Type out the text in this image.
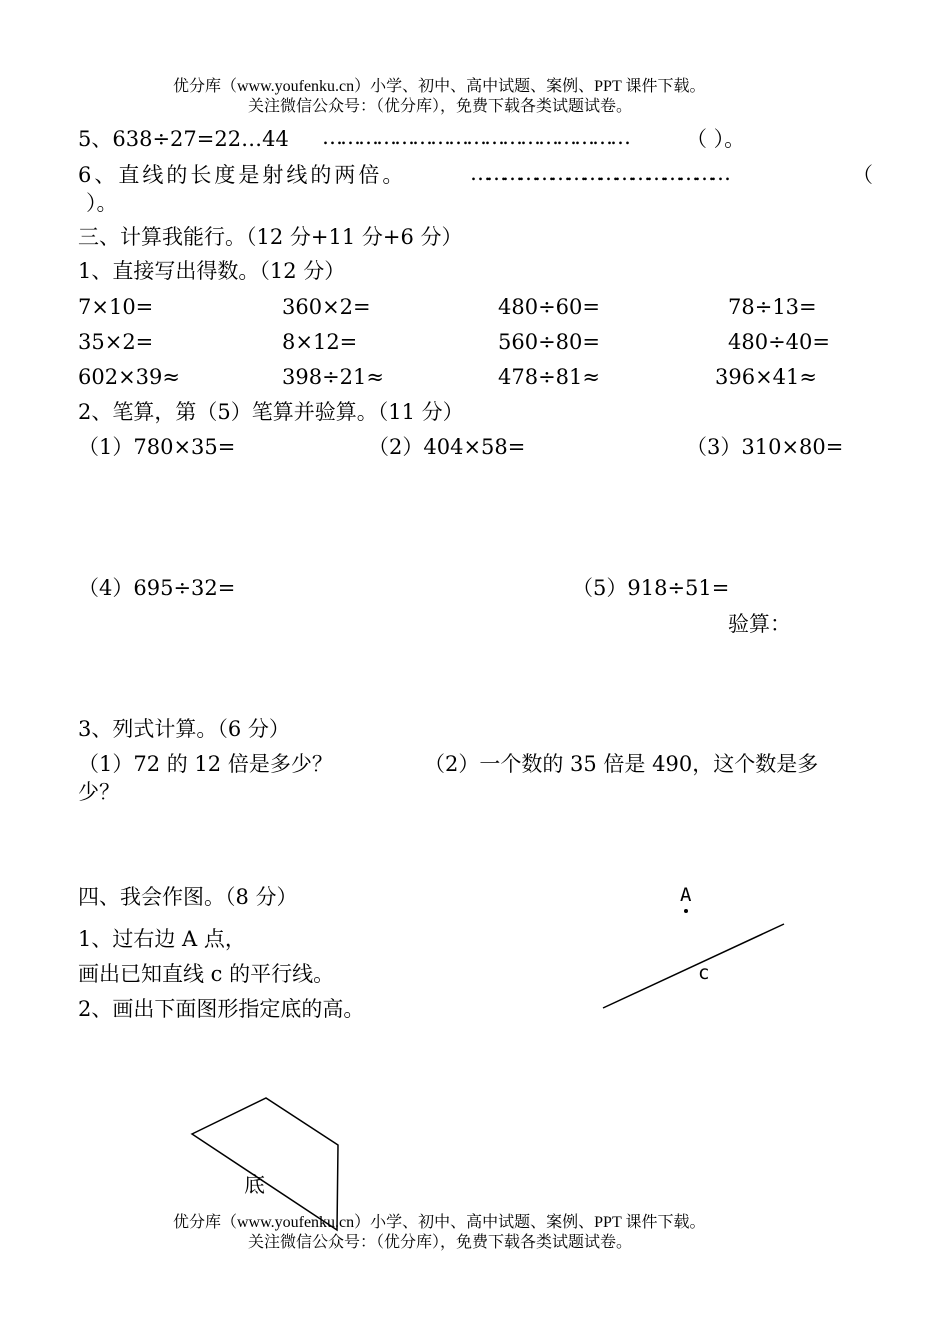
优分库（www.youfenku.cn）小学、初中、高中试题、案例、PPT 课件下载。
关注微信公众号：（优分库），免费下载各类试题试卷。
5、638÷27=22…44 ……………………………………………	（ ）。
6、直线的长度是射线的两倍。	…………………………………………	（
）。
三、计算我能行。（12 分+11 分+6 分）
1、直接写出得数。（12 分）
7×10=	360×2=	480÷60=	78÷13=
35×2=	8×12=	560÷80=	480÷40=
602×39≈	398÷21≈	478÷81≈	396×41≈
2、笔算，第（5）笔算并验算。（11 分）
（1）780×35=	（2）404×58=	（3）310×80=
（4）695÷32=	（5）918÷51=
验算：
3、列式计算。（6 分）
（1）72 的 12 倍是多少？	（2）一个数的 35 倍是 490，这个数是多
少？
四、我会作图。（8 分）
1、过右边 A 点，
画出已知直线 c 的平行线。
2、画出下面图形指定底的高。
A
c
底
优分库（www.youfenku.cn）小学、初中、高中试题、案例、PPT 课件下载。
关注微信公众号：（优分库），免费下载各类试题试卷。
